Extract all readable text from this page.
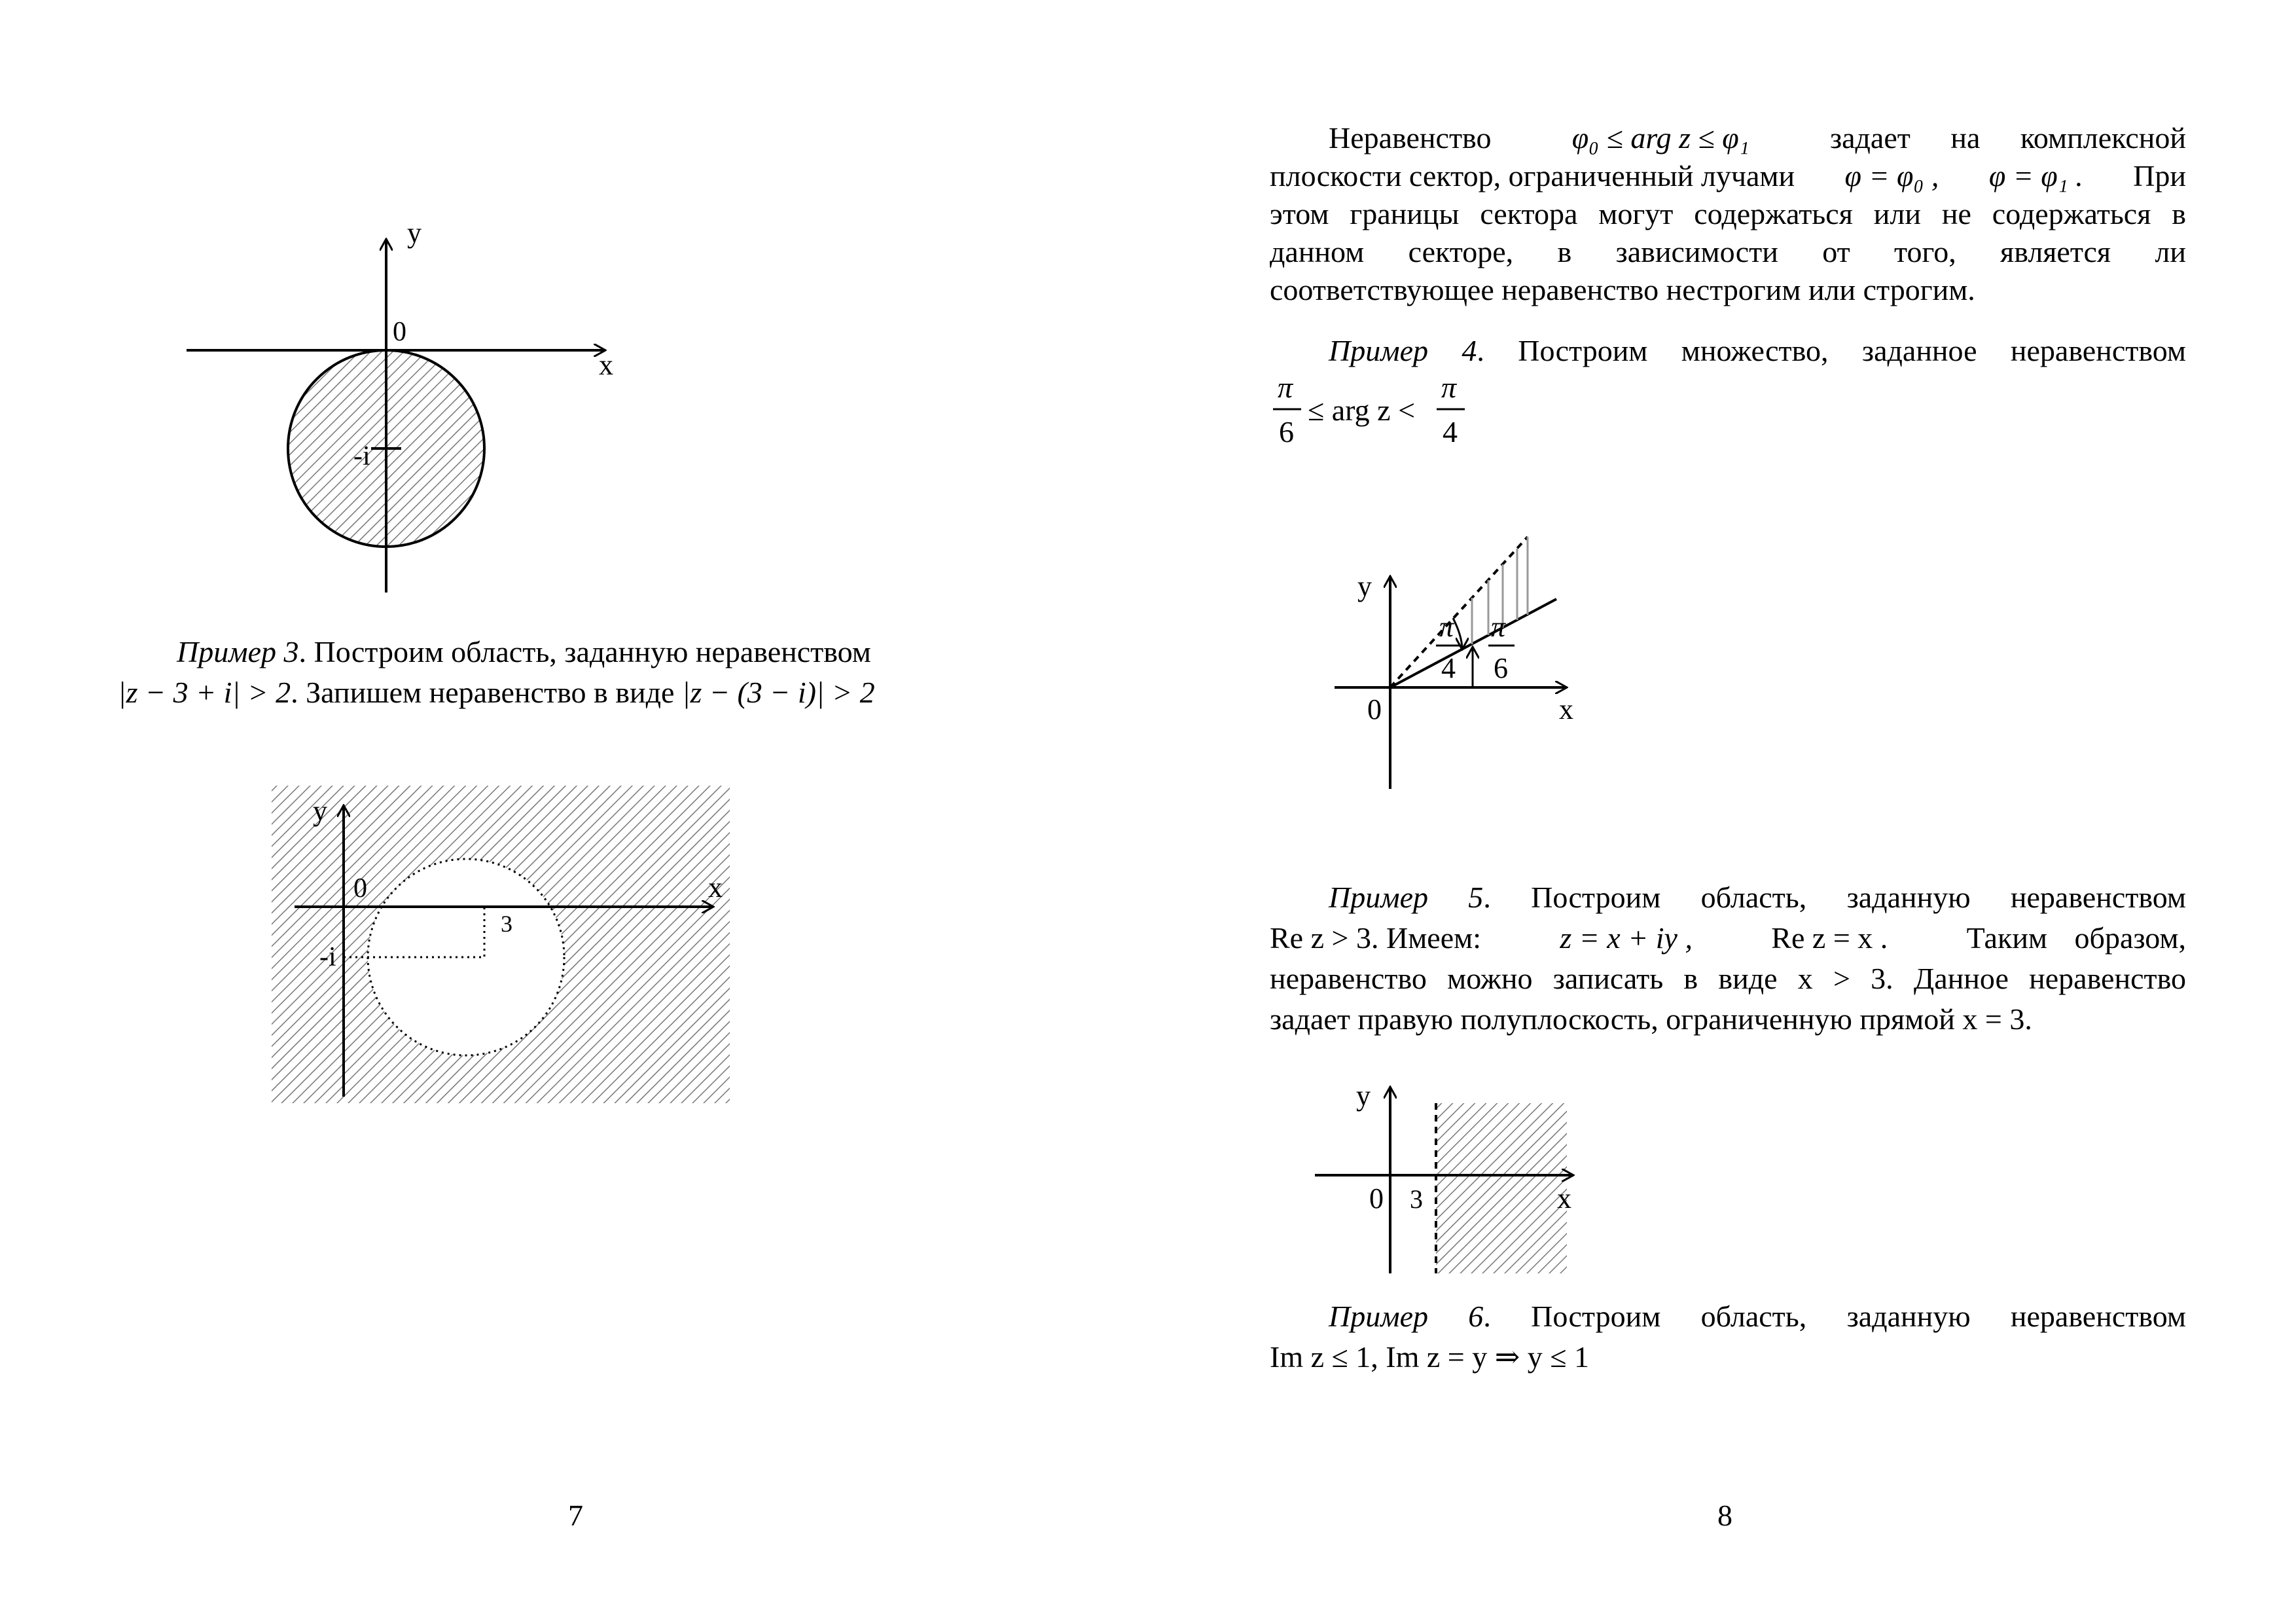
y
x
0
-i
Пример 3. Построим область, заданную неравенством
|z − 3 + i| > 2. Запишем неравенство в виде |z − (3 − i)| > 2
y
x
0
3
-i
7
Неравенство	φ₀ ≤ arg z ≤ φ₁	задает на комплексной
плоскости сектор, ограниченный лучами φ = φ₀ , φ = φ₁ . При
этом границы сектора могут содержаться или не содержаться в
данном секторе, в зависимости от того, является ли
соответствующее неравенство нестрогим или строгим.
Пример 4. Построим множество, заданное неравенством
π
6
≤ arg z <
π
4
y
x
0
π
4
π
6
Пример 5. Построим область, заданную неравенством
Re z > 3. Имеем:	z = x + iy ,	Re z = x .	Таким образом,
неравенство можно записать в виде x > 3. Данное неравенство
задает правую полуплоскость, ограниченную прямой x = 3.
y
x
0 3
Пример 6. Построим область, заданную неравенством
Im z ≤ 1, Im z = y ⇒ y ≤ 1
8
